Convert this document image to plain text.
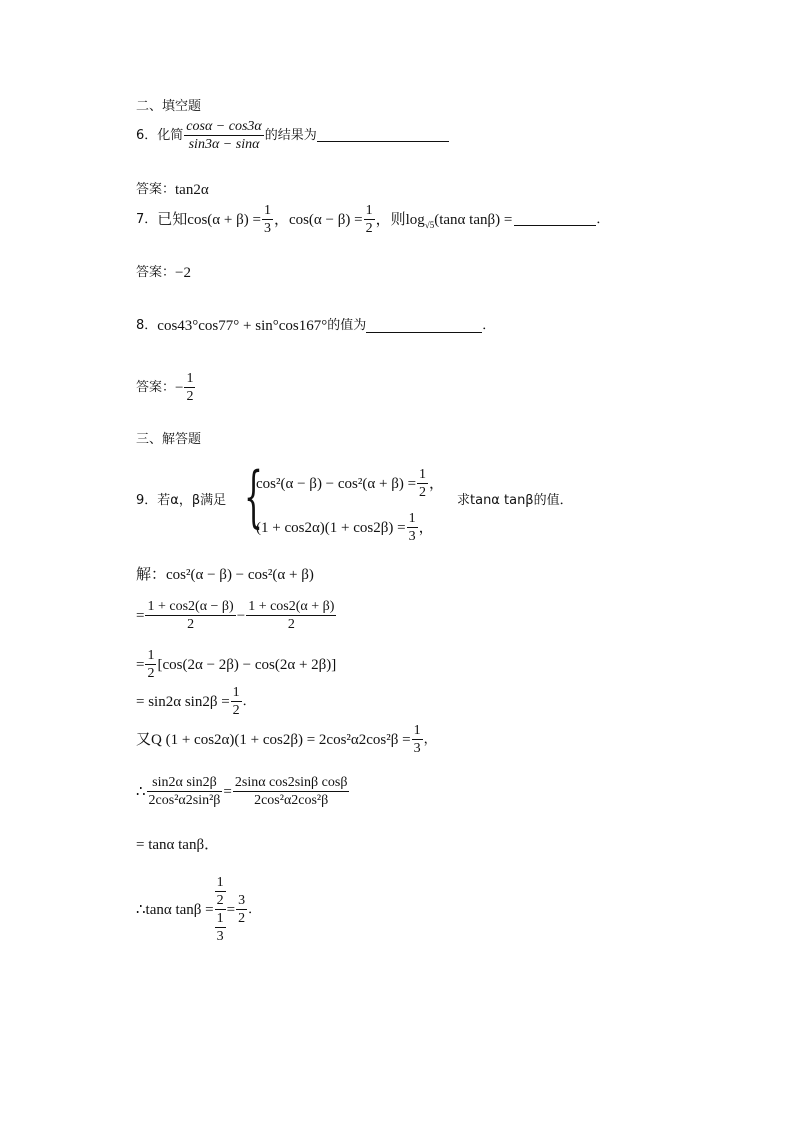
二、填空题
6． 化简 $\frac{\cos\alpha - \cos 3\alpha}{\sin 3\alpha - \sin\alpha}$ 的结果为
答案： tan2α
7． 已知$\cos(\alpha + \beta) = \frac{1}{3}$ ，$\cos(\alpha - \beta) = \frac{1}{2}$ ，则$\log_{√5} (\tan\alpha$ tanβ) =	．
答案： −2
8． cos43°cos77° + sin°cos167° 的值为	．
答案： − $\frac{1}{2}$
三、解答题
9． 若α，β满足 {
$\cos^2(\alpha - \beta) - \cos^2(\alpha + \beta) = \frac{1}{2}$ ，
$(1 + \cos 2\alpha)(1 + \cos 2\beta) = \frac{1}{3}$ ，
求tanα tanβ的值．
解：cos²(α − β) − cos²(α + β)
= $\frac{1 + \cos 2(\alpha - \beta)}{2} - \frac{1 + \cos 2(\alpha + \beta)}{2}$
= $\frac{1}{2} [\cos(2\alpha - 2\beta) - \cos(2\alpha + 2\beta)]$
= sin2α $\sin 2\beta = \frac{1}{2}$ ．
又Q $(1 + \cos 2\alpha)(1 + \cos 2\beta) = 2\cos^2\alpha 2\cos^2\beta = \frac{1}{3}$ ，
∴ $\frac{\text{sin2α sin2β}}{\text{2cos²α2sin²β}} = \frac{\text{2sinα cos2sinβ cosβ}}{\text{2cos²α2cos²β}}$
= tanα tanβ．
∴tanα $\tan\beta = \frac{\frac{1}{2}}{\frac{1}{3}} = \frac{3}{2}$ ．
